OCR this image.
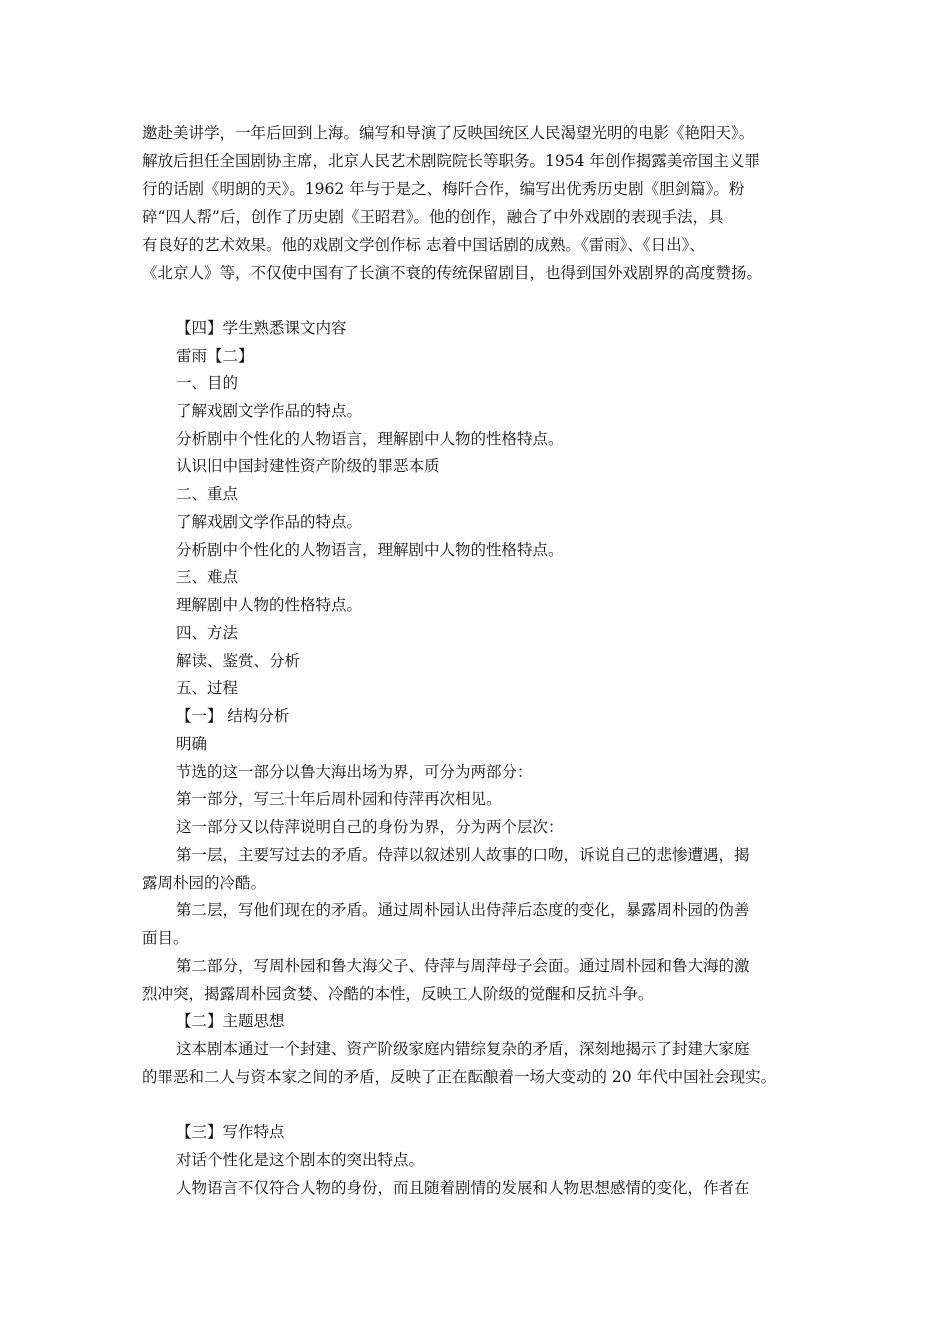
邀赴美讲学，一年后回到上海。编写和导演了反映国统区人民渴望光明的电影《艳阳天》。
解放后担任全国剧协主席，北京人民艺术剧院院长等职务。1954 年创作揭露美帝国主义罪
行的话剧《明朗的天》。1962 年与于是之、梅阡合作，编写出优秀历史剧《胆剑篇》。粉
碎“四人帮”后，创作了历史剧《王昭君》。他的创作，融合了中外戏剧的表现手法，具
有良好的艺术效果。他的戏剧文学创作标 志着中国话剧的成熟。《雷雨》、《日出》、
《北京人》等，不仅使中国有了长演不衰的传统保留剧目，也得到国外戏剧界的高度赞扬。
【四】学生熟悉课文内容
雷雨【二】
一、目的
了解戏剧文学作品的特点。
分析剧中个性化的人物语言，理解剧中人物的性格特点。
认识旧中国封建性资产阶级的罪恶本质
二、重点
了解戏剧文学作品的特点。
分析剧中个性化的人物语言，理解剧中人物的性格特点。
三、难点
理解剧中人物的性格特点。
四、方法
解读、鉴赏、分析
五、过程
【一】 结构分析
明确
节选的这一部分以鲁大海出场为界，可分为两部分：
第一部分，写三十年后周朴园和侍萍再次相见。
这一部分又以侍萍说明自己的身份为界，分为两个层次：
第一层，主要写过去的矛盾。侍萍以叙述别人故事的口吻，诉说自己的悲惨遭遇，揭
露周朴园的冷酷。
第二层，写他们现在的矛盾。通过周朴园认出侍萍后态度的变化，暴露周朴园的伪善
面目。
第二部分，写周朴园和鲁大海父子、侍萍与周萍母子会面。通过周朴园和鲁大海的激
烈冲突，揭露周朴园贪婪、冷酷的本性，反映工人阶级的觉醒和反抗斗争。
【二】主题思想
这本剧本通过一个封建、资产阶级家庭内错综复杂的矛盾，深刻地揭示了封建大家庭
的罪恶和二人与资本家之间的矛盾，反映了正在酝酿着一场大变动的 20 年代中国社会现实。
【三】写作特点
对话个性化是这个剧本的突出特点。
人物语言不仅符合人物的身份，而且随着剧情的发展和人物思想感情的变化，作者在
